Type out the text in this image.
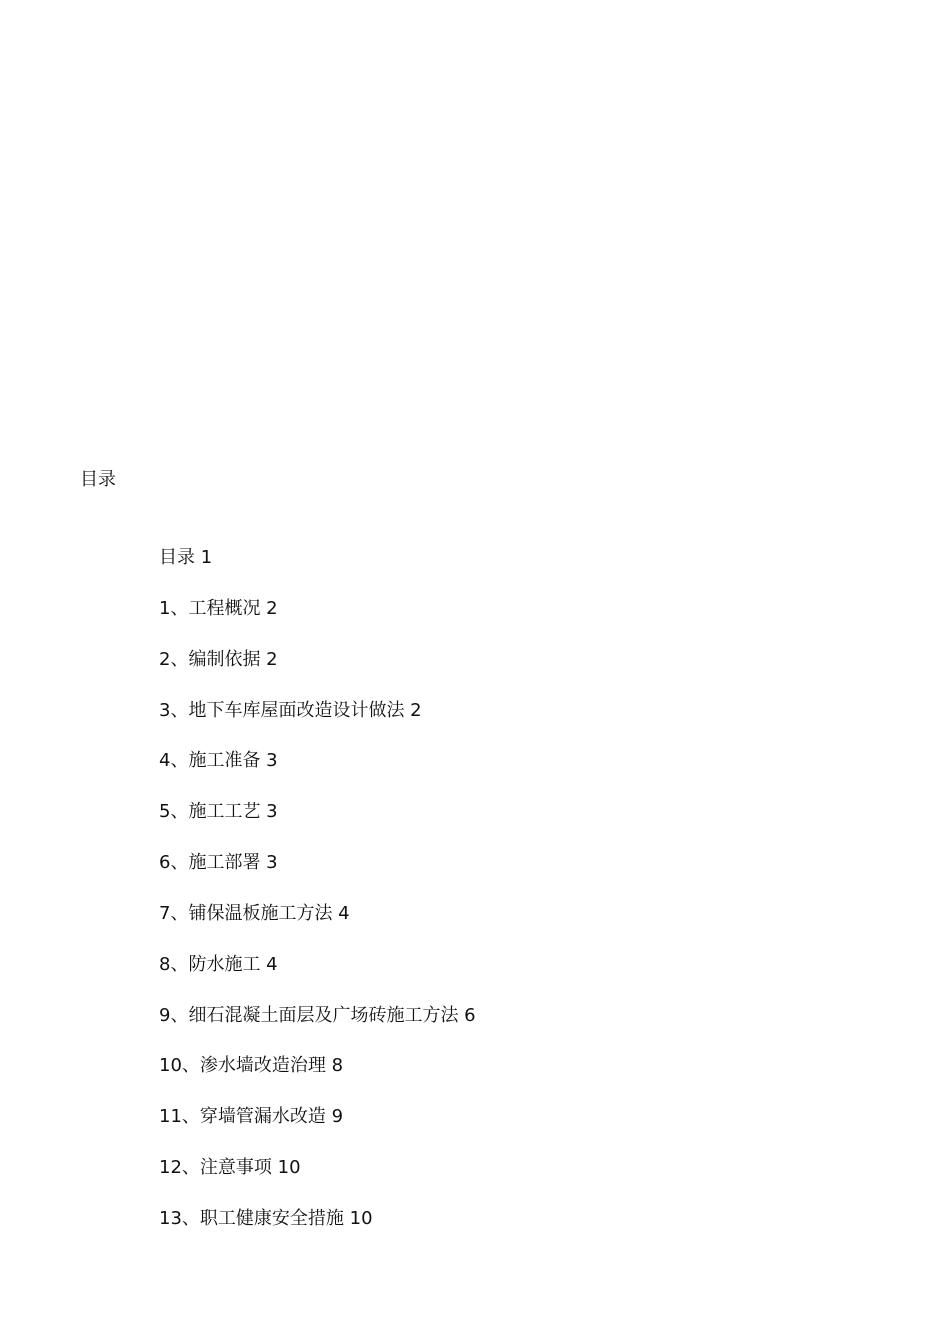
目录
目录 1
1、工程概况 2
2、编制依据 2
3、地下车库屋面改造设计做法 2
4、施工准备 3
5、施工工艺 3
6、施工部署 3
7、铺保温板施工方法 4
8、防水施工 4
9、细石混凝土面层及广场砖施工方法 6
10、渗水墙改造治理 8
11、穿墙管漏水改造 9
12、注意事项 10
13、职工健康安全措施 10
